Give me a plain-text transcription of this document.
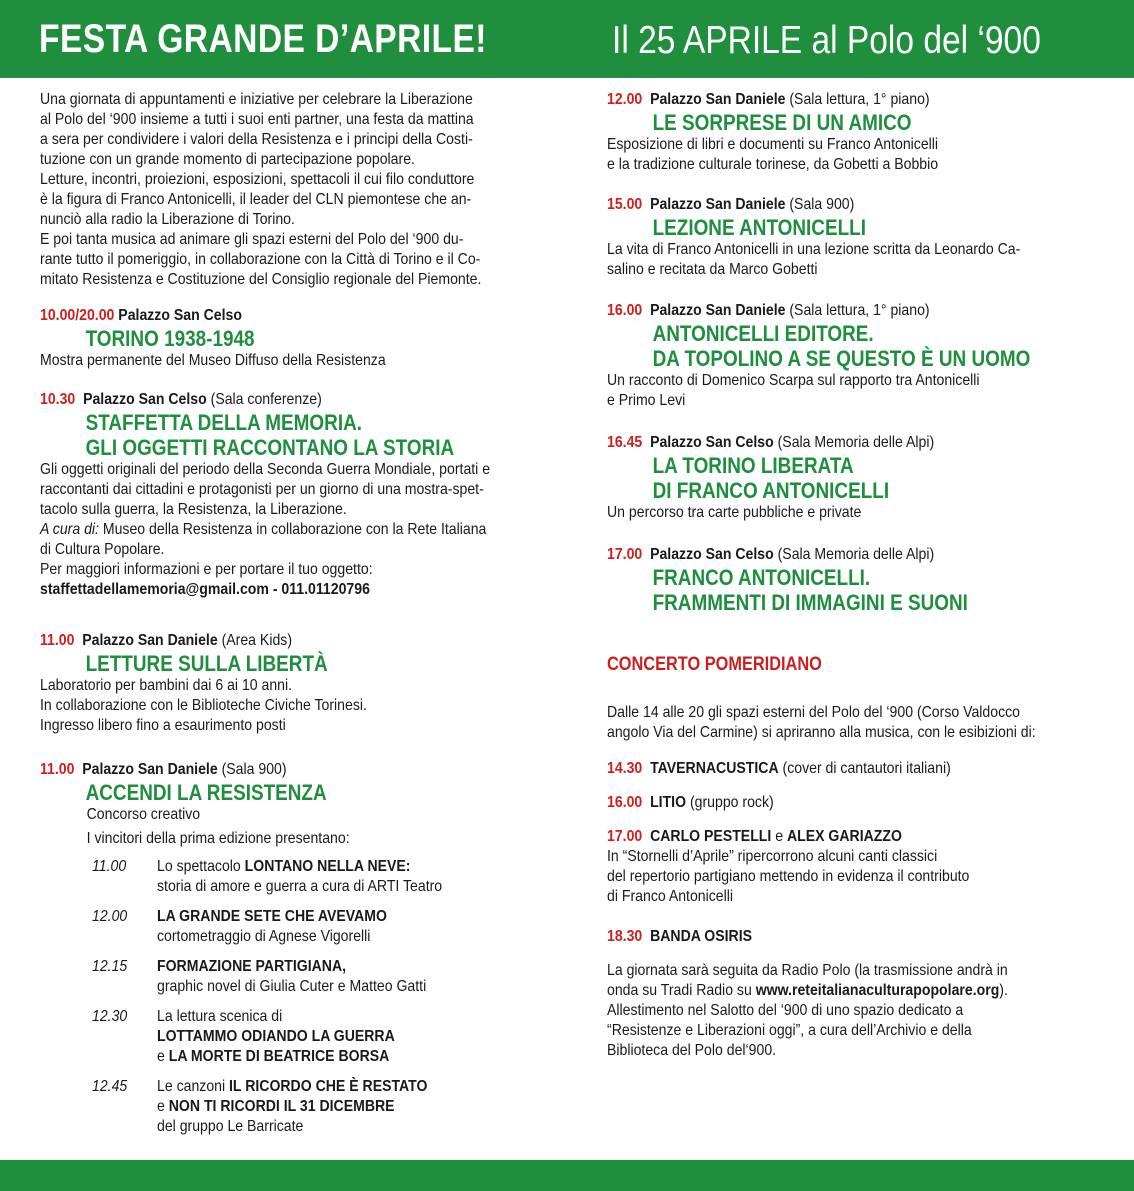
FESTA GRANDE D’APRILE!	Il 25 APRILE al Polo del ‘900
Una giornata di appuntamenti e iniziative per celebrare la Liberazione
al Polo del ‘900 insieme a tutti i suoi enti partner, una festa da mattina
a sera per condividere i valori della Resistenza e i principi della Costi-
tuzione con un grande momento di partecipazione popolare.
Letture, incontri, proiezioni, esposizioni, spettacoli il cui filo conduttore
è la figura di Franco Antonicelli, il leader del CLN piemontese che an-
nunciò alla radio la Liberazione di Torino.
E poi tanta musica ad animare gli spazi esterni del Polo del ‘900 du-
rante tutto il pomeriggio, in collaborazione con la Città di Torino e il Co-
mitato Resistenza e Costituzione del Consiglio regionale del Piemonte.
10.00/20.00 Palazzo San Celso
TORINO 1938-1948
Mostra permanente del Museo Diffuso della Resistenza
10.30 Palazzo San Celso (Sala conferenze)
STAFFETTA DELLA MEMORIA.
GLI OGGETTI RACCONTANO LA STORIA
Gli oggetti originali del periodo della Seconda Guerra Mondiale, portati e
raccontanti dai cittadini e protagonisti per un giorno di una mostra-spet-
tacolo sulla guerra, la Resistenza, la Liberazione.
A cura di: Museo della Resistenza in collaborazione con la Rete Italiana
di Cultura Popolare.
Per maggiori informazioni e per portare il tuo oggetto:
staffettadellamemoria@gmail.com - 011.01120796
11.00 Palazzo San Daniele (Area Kids)
LETTURE SULLA LIBERTÀ
Laboratorio per bambini dai 6 ai 10 anni.
In collaborazione con le Biblioteche Civiche Torinesi.
Ingresso libero fino a esaurimento posti
11.00 Palazzo San Daniele (Sala 900)
ACCENDI LA RESISTENZA
Concorso creativo
I vincitori della prima edizione presentano:
11.00 Lo spettacolo LONTANO NELLA NEVE:
storia di amore e guerra a cura di ARTI Teatro
12.00 LA GRANDE SETE CHE AVEVAMO
cortometraggio di Agnese Vigorelli
12.15 FORMAZIONE PARTIGIANA,
graphic novel di Giulia Cuter e Matteo Gatti
12.30 La lettura scenica di
LOTTAMMO ODIANDO LA GUERRA
e LA MORTE DI BEATRICE BORSA
12.45 Le canzoni IL RICORDO CHE È RESTATO
e NON TI RICORDI IL 31 DICEMBRE
del gruppo Le Barricate
12.00 Palazzo San Daniele (Sala lettura, 1° piano)
LE SORPRESE DI UN AMICO
Esposizione di libri e documenti su Franco Antonicelli
e la tradizione culturale torinese, da Gobetti a Bobbio
15.00 Palazzo San Daniele (Sala 900)
LEZIONE ANTONICELLI
La vita di Franco Antonicelli in una lezione scritta da Leonardo Ca-
salino e recitata da Marco Gobetti
16.00 Palazzo San Daniele (Sala lettura, 1° piano)
ANTONICELLI EDITORE.
DA TOPOLINO A SE QUESTO È UN UOMO
Un racconto di Domenico Scarpa sul rapporto tra Antonicelli
e Primo Levi
16.45 Palazzo San Celso (Sala Memoria delle Alpi)
LA TORINO LIBERATA
DI FRANCO ANTONICELLI
Un percorso tra carte pubbliche e private
17.00 Palazzo San Celso (Sala Memoria delle Alpi)
FRANCO ANTONICELLI.
FRAMMENTI DI IMMAGINI E SUONI
CONCERTO POMERIDIANO
Dalle 14 alle 20 gli spazi esterni del Polo del ‘900 (Corso Valdocco
angolo Via del Carmine) si apriranno alla musica, con le esibizioni di:
14.30 TAVERNACUSTICA (cover di cantautori italiani)
16.00 LITIO (gruppo rock)
17.00 CARLO PESTELLI e ALEX GARIAZZO
In “Stornelli d’Aprile” ripercorrono alcuni canti classici
del repertorio partigiano mettendo in evidenza il contributo
di Franco Antonicelli
18.30 BANDA OSIRIS
La giornata sarà seguita da Radio Polo (la trasmissione andrà in
onda su Tradi Radio su www.reteitalianaculturapopolare.org).
Allestimento nel Salotto del ‘900 di uno spazio dedicato a
“Resistenze e Liberazioni oggi”, a cura dell’Archivio e della
Biblioteca del Polo del‘900.
